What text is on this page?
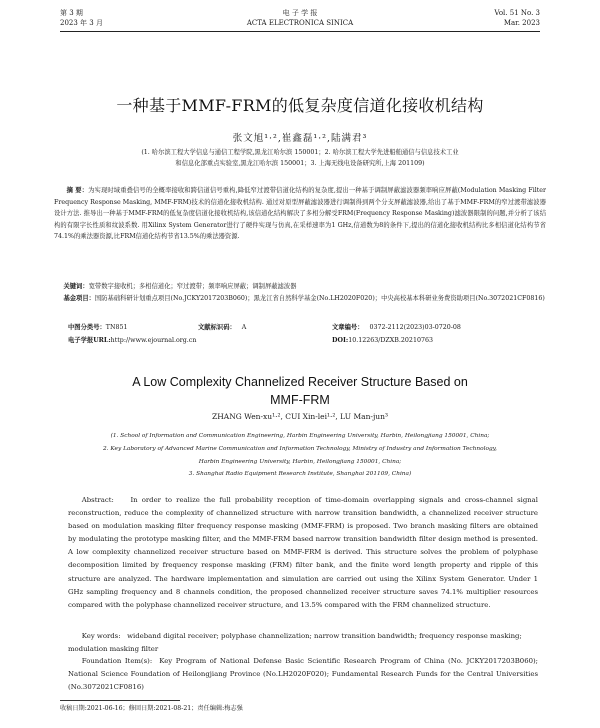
第 3 期
2023 年 3 月
电 子 学 报
ACTA ELECTRONICA SINICA
Vol. 51 No. 3
Mar. 2023
一种基于MMF-FRM的低复杂度信道化接收机结构
张文旭¹·²,崔鑫磊¹·²,陆满君³
(1. 哈尔滨工程大学信息与通信工程学院,黑龙江哈尔滨 150001；2. 哈尔滨工程大学先进船舶通信与信息技术工业
和信息化部重点实验室,黑龙江哈尔滨 150001；3. 上海无线电设备研究所,上海 201109)
摘 要：为实现时域重叠信号的全概率接收和跨信道信号重构,降低窄过渡带信道化结构的复杂度,提出一种基于调制屏蔽滤波器频率响应屏蔽(Modulation Masking Filter Frequency Response Masking, MMF-FRM)技术的信道化接收机结构. 通过对原型屏蔽滤波器进行调制得到两个分支屏蔽滤波器,给出了基于MMF-FRM的窄过渡带滤波器设计方法. 推导出一种基于MMF-FRM的低复杂度信道化接收机结构,该信道化结构解决了多相分解受FRM(Frequency Response Masking)滤波器限制的问题,并分析了该结构的有限字长性质和纹波系数. 用Xilinx System Generator进行了硬件实现与仿真,在采样速率为1 GHz,信道数为8的条件下,提出的信道化接收机结构比多相信道化结构节省74.1%的乘法器资源,比FRM信道化结构节省13.5%的乘法器资源.
关键词：宽带数字接收机；多相信道化；窄过渡带；频率响应屏蔽；调制屏蔽滤波器
基金项目：国防基础科研计划重点项目(No.JCKY2017203B060)；黑龙江省自然科学基金(No.LH2020F020)；中央高校基本科研业务费资助项目(No.3072021CF0816)
中图分类号：TN851	文献标识码： A	文章编号： 0372-2112(2023)03-0720-08
电子学报URL:http://www.ejournal.org.cn	DOI:10.12263/DZXB.20210763
A Low Complexity Channelized Receiver Structure Based on
MMF-FRM
ZHANG Wen-xu¹·², CUI Xin-lei¹·², LU Man-jun³
(1. School of Information and Communication Engineering, Harbin Engineering University, Harbin, Heilongjiang 150001, China;
2. Key Laboratory of Advanced Marine Communication and Information Technology, Ministry of Industry and Information Technology,
Harbin Engineering University, Harbin, Heilongjiang 150001, China;
3. Shanghai Radio Equipment Research Institute, Shanghai 201109, China)
Abstract: In order to realize the full probability reception of time-domain overlapping signals and cross-channel signal reconstruction, reduce the complexity of channelized structure with narrow transition bandwidth, a channelized receiver structure based on modulation masking filter frequency response masking (MMF-FRM) is proposed. Two branch masking filters are obtained by modulating the prototype masking filter, and the MMF-FRM based narrow transition bandwidth filter design method is presented. A low complexity channelized receiver structure based on MMF-FRM is derived. This structure solves the problem of polyphase decomposition limited by frequency response masking (FRM) filter bank, and the finite word length property and ripple of this structure are analyzed. The hardware implementation and simulation are carried out using the Xilinx System Generator. Under 1 GHz sampling frequency and 8 channels condition, the proposed channelized receiver structure saves 74.1% multiplier resources compared with the polyphase channelized receiver structure, and 13.5% compared with the FRM channelized structure.
Key words: wideband digital receiver; polyphase channelization; narrow transition bandwidth; frequency response masking; modulation masking filter
Foundation Item(s): Key Program of National Defense Basic Scientific Research Program of China (No. JCKY2017203B060); National Science Foundation of Heilongjiang Province (No.LH2020F020); Fundamental Research Funds for the Central Universities (No.3072021CF0816)
收稿日期:2021-06-16；修回日期:2021-08-21；责任编辑:梅志强
